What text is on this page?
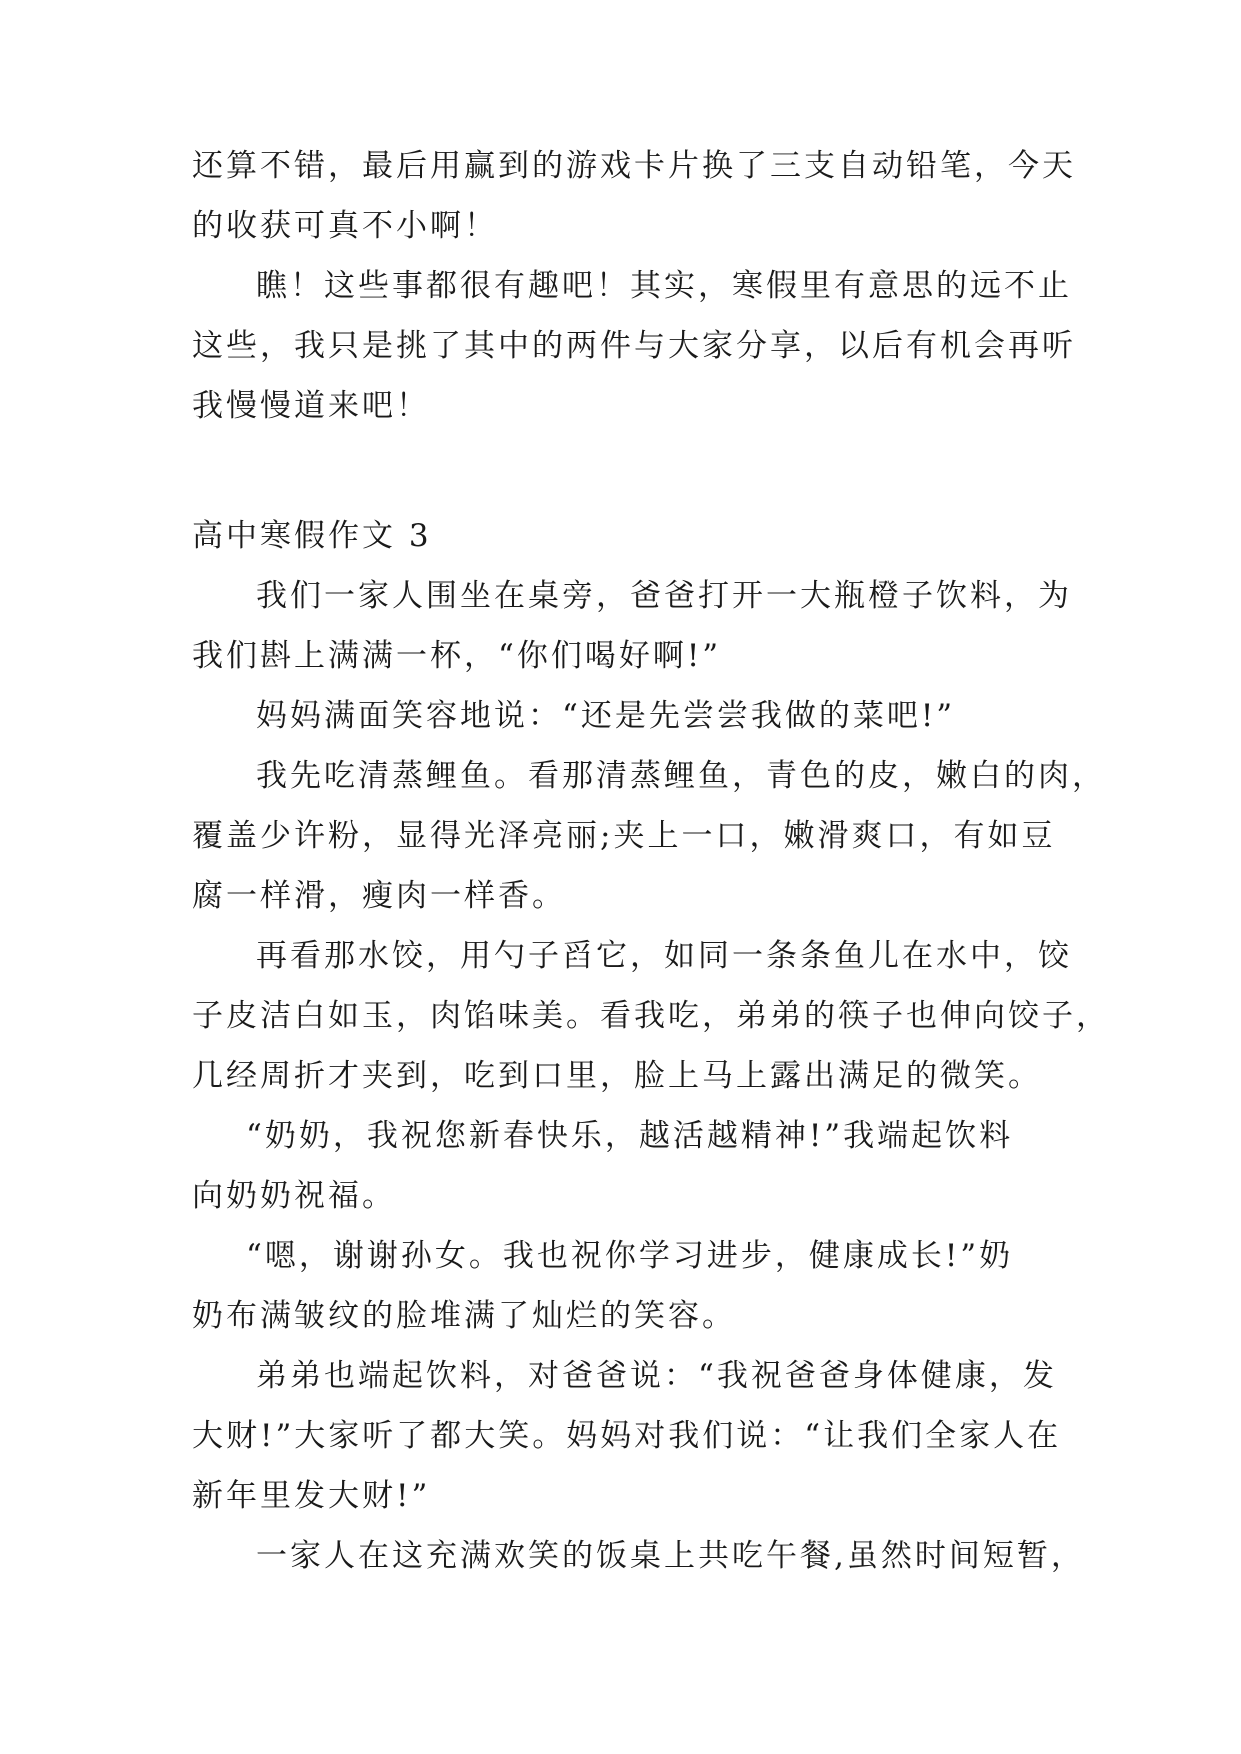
还算不错，最后用赢到的游戏卡片换了三支自动铅笔，今天
的收获可真不小啊！
瞧！这些事都很有趣吧！其实，寒假里有意思的远不止
这些，我只是挑了其中的两件与大家分享，以后有机会再听
我慢慢道来吧！
高中寒假作文 3
我们一家人围坐在桌旁，爸爸打开一大瓶橙子饮料，为
我们斟上满满一杯，“你们喝好啊!”
妈妈满面笑容地说：“还是先尝尝我做的菜吧!”
我先吃清蒸鲤鱼。看那清蒸鲤鱼，青色的皮，嫩白的肉，
覆盖少许粉，显得光泽亮丽;夹上一口，嫩滑爽口，有如豆
腐一样滑，瘦肉一样香。
再看那水饺，用勺子舀它，如同一条条鱼儿在水中，饺
子皮洁白如玉，肉馅味美。看我吃，弟弟的筷子也伸向饺子，
几经周折才夹到，吃到口里，脸上马上露出满足的微笑。
“奶奶，我祝您新春快乐，越活越精神!”我端起饮料
向奶奶祝福。
“嗯，谢谢孙女。我也祝你学习进步，健康成长!”奶
奶布满皱纹的脸堆满了灿烂的笑容。
弟弟也端起饮料，对爸爸说：“我祝爸爸身体健康，发
大财!”大家听了都大笑。妈妈对我们说：“让我们全家人在
新年里发大财!”
一家人在这充满欢笑的饭桌上共吃午餐,虽然时间短暂，
